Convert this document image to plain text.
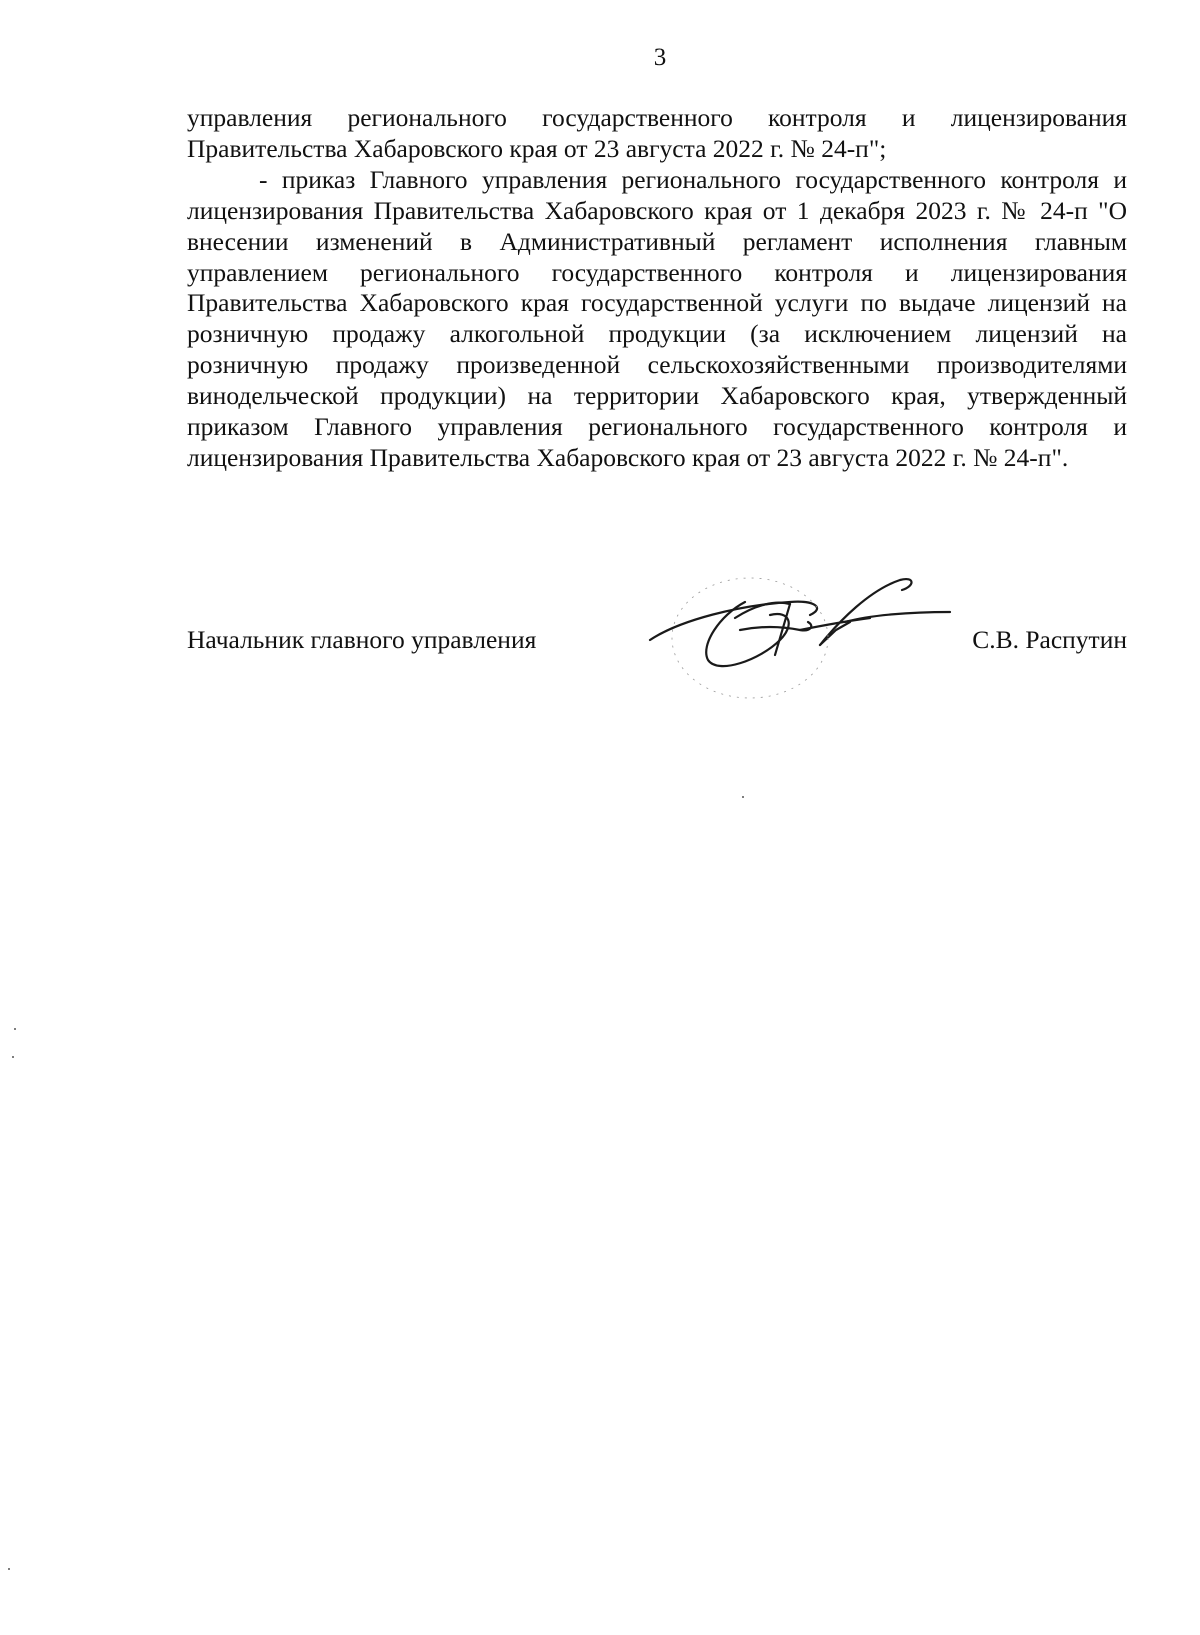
3

управления регионального государственного контроля и лицензирования Правительства Хабаровского края от 23 августа 2022 г. № 24-п";

- приказ Главного управления регионального государственного контроля и лицензирования Правительства Хабаровского края от 1 декабря 2023 г. № 24-п "О внесении изменений в Административный регламент исполнения главным управлением регионального государственного контроля и лицензирования Правительства Хабаровского края государственной услуги по выдаче лицензий на розничную продажу алкогольной продукции (за исключением лицензий на розничную продажу произведенной сельскохозяйственными производителями винодельческой продукции) на территории Хабаровского края, утвержденный приказом Главного управления регионального государственного контроля и лицензирования Правительства Хабаровского края от 23 августа 2022 г. № 24-п".

Начальник главного управления	С.В. Распутин
